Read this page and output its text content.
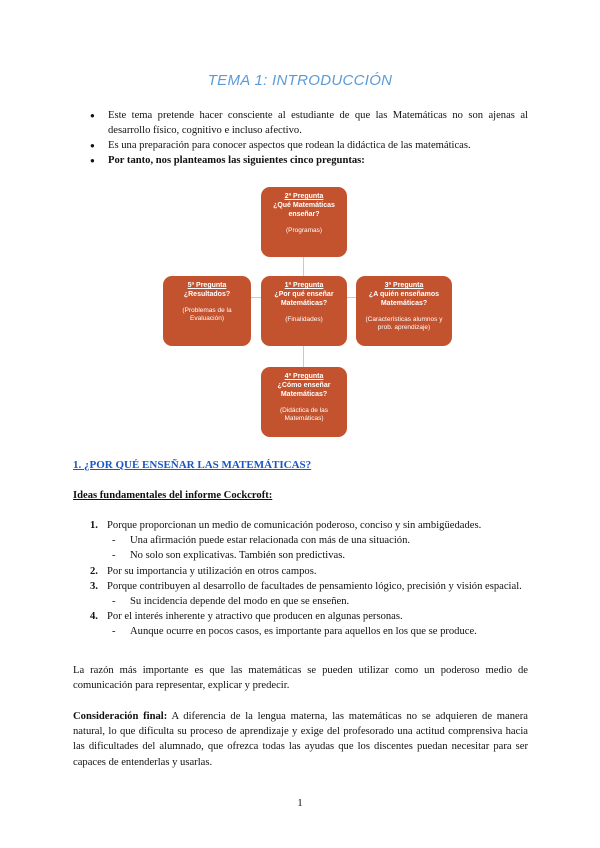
TEMA 1: INTRODUCCIÓN
● Este tema pretende hacer consciente al estudiante de que las Matemáticas no son ajenas al desarrollo físico, cognitivo e incluso afectivo.
● Es una preparación para conocer aspectos que rodean la didáctica de las matemáticas.
● Por tanto, nos planteamos las siguientes cinco preguntas:
2ª Pregunta
¿Qué Matemáticas enseñar?
(Programas)
5ª Pregunta
¿Resultados?
(Problemas de la Evaluación)
1ª Pregunta
¿Por qué enseñar Matemáticas?
(Finalidades)
3ª Pregunta
¿A quién enseñamos Matemáticas?
(Características alumnos y prob. aprendizaje)
4ª Pregunta
¿Cómo enseñar Matemáticas?
(Didáctica de las Matemáticas)
1. ¿POR QUÉ ENSEÑAR LAS MATEMÁTICAS?
Ideas fundamentales del informe Cockcroft:
1. Porque proporcionan un medio de comunicación poderoso, conciso y sin ambigüedades.
- Una afirmación puede estar relacionada con más de una situación.
- No solo son explicativas. También son predictivas.
2. Por su importancia y utilización en otros campos.
3. Porque contribuyen al desarrollo de facultades de pensamiento lógico, precisión y visión espacial.
- Su incidencia depende del modo en que se enseñen.
4. Por el interés inherente y atractivo que producen en algunas personas.
- Aunque ocurre en pocos casos, es importante para aquellos en los que se produce.
La razón más importante es que las matemáticas se pueden utilizar como un poderoso medio de comunicación para representar, explicar y predecir.
Consideración final: A diferencia de la lengua materna, las matemáticas no se adquieren de manera natural, lo que dificulta su proceso de aprendizaje y exige del profesorado una actitud comprensiva hacia las dificultades del alumnado, que ofrezca todas las ayudas que los discentes puedan necesitar para ser capaces de entenderlas y usarlas.
1
